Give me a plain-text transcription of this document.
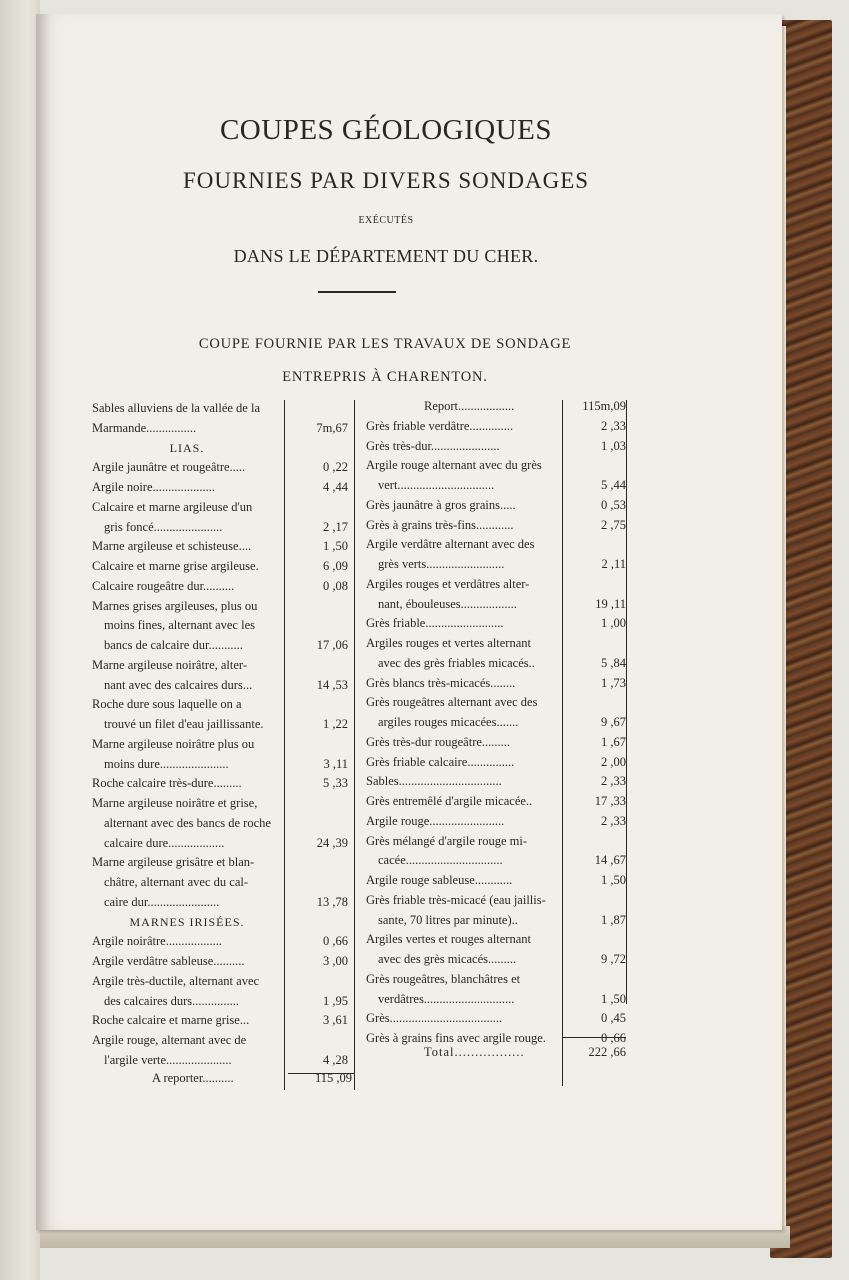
COUPES GÉOLOGIQUES
FOURNIES PAR DIVERS SONDAGES
EXÉCUTÉS
DANS LE DÉPARTEMENT DU CHER.
COUPE FOURNIE PAR LES TRAVAUX DE SONDAGE
ENTREPRIS À CHARENTON.
Sables alluviens de la vallée de la
Marmande................	7m,67
LIAS.
Argile jaunâtre et rougeâtre.....	0 ,22
Argile noire....................	4 ,44
Calcaire et marne argileuse d'un
gris foncé......................	2 ,17
Marne argileuse et schisteuse....	1 ,50
Calcaire et marne grise argileuse.	6 ,09
Calcaire rougeâtre dur..........	0 ,08
Marnes grises argileuses, plus ou
moins fines, alternant avec les
bancs de calcaire dur...........	17 ,06
Marne argileuse noirâtre, alter-
nant avec des calcaires durs...	14 ,53
Roche dure sous laquelle on a
trouvé un filet d'eau jaillissante.	1 ,22
Marne argileuse noirâtre plus ou
moins dure......................	3 ,11
Roche calcaire très-dure.........	5 ,33
Marne argileuse noirâtre et grise,
alternant avec des bancs de roche
calcaire dure..................	24 ,39
Marne argileuse grisâtre et blan-
châtre, alternant avec du cal-
caire dur.......................	13 ,78
MARNES IRISÉES.
Argile noirâtre..................	0 ,66
Argile verdâtre sableuse..........	3 ,00
Argile très-ductile, alternant avec
des calcaires durs...............	1 ,95
Roche calcaire et marne grise...	3 ,61
Argile rouge, alternant avec de
l'argile verte.....................	4 ,28
Report..................	115m,09
Grès friable verdâtre..............	2 ,33
Grès très-dur......................	1 ,03
Argile rouge alternant avec du grès
vert...............................	5 ,44
Grès jaunâtre à gros grains.....	0 ,53
Grès à grains très-fins............	2 ,75
Argile verdâtre alternant avec des
grès verts.........................	2 ,11
Argiles rouges et verdâtres alter-
nant, ébouleuses..................	19 ,11
Grès friable.........................	1 ,00
Argiles rouges et vertes alternant
avec des grès friables micacés..	5 ,84
Grès blancs très-micacés........	1 ,73
Grès rougeâtres alternant avec des
argiles rouges micacées.......	9 ,67
Grès très-dur rougeâtre.........	1 ,67
Grès friable calcaire...............	2 ,00
Sables.................................	2 ,33
Grès entremêlé d'argile micacée..	17 ,33
Argile rouge........................	2 ,33
Grès mélangé d'argile rouge mi-
cacée...............................	14 ,67
Argile rouge sableuse............	1 ,50
Grès friable très-micacé (eau jaillis-
sante, 70 litres par minute)..	1 ,87
Argiles vertes et rouges alternant
avec des grès micacés.........	9 ,72
Grès rougeâtres, blanchâtres et
verdâtres.............................	1 ,50
Grès....................................	0 ,45
Grès à grains fins avec argile rouge.	0 ,66
A reporter..........	115 ,09
Total.................	222 ,66
